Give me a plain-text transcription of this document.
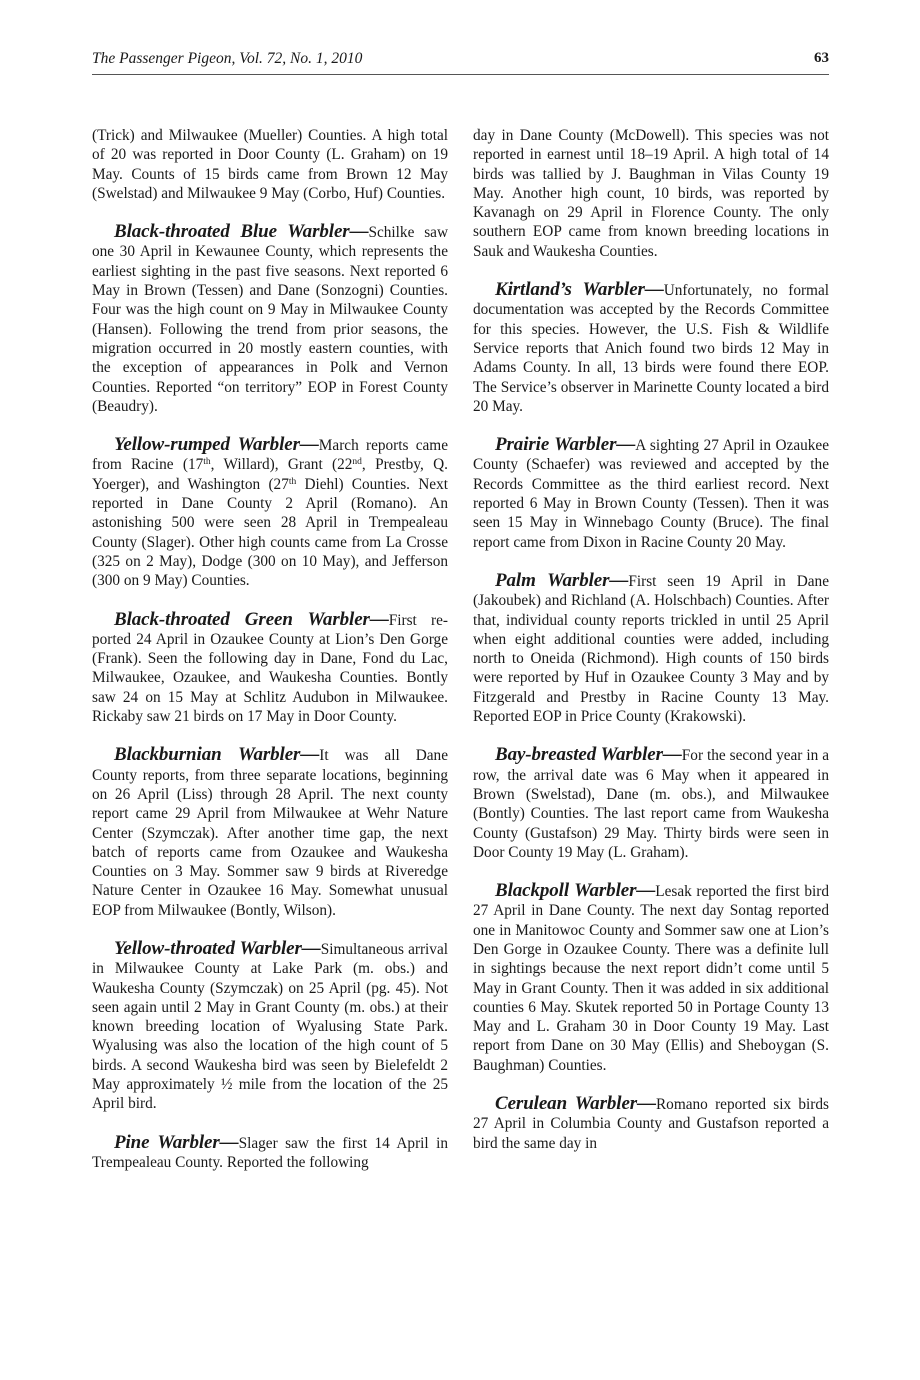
The Passenger Pigeon, Vol. 72, No. 1, 2010	63

(Trick) and Milwaukee (Mueller) Counties. A high total of 20 was reported in Door County (L. Graham) on 19 May. Counts of 15 birds came from Brown 12 May (Swelstad) and Milwaukee 9 May (Corbo, Huf) Counties.

Black-throated Blue Warbler—Schilke saw one 30 April in Kewaunee County, which represents the earliest sighting in the past five seasons. Next reported 6 May in Brown (Tessen) and Dane (Sonzogni) Counties. Four was the high count on 9 May in Milwaukee County (Hansen). Following the trend from prior seasons, the migration occurred in 20 mostly eastern counties, with the exception of appearances in Polk and Vernon Counties. Reported “on territory” EOP in Forest County (Beaudry).

Yellow-rumped Warbler—March reports came from Racine (17th, Willard), Grant (22nd, Prestby, Q. Yoerger), and Washington (27th Diehl) Counties. Next reported in Dane County 2 April (Romano). An astonishing 500 were seen 28 April in Trempealeau County (Slager). Other high counts came from La Crosse (325 on 2 May), Dodge (300 on 10 May), and Jefferson (300 on 9 May) Counties.

Black-throated Green Warbler—First reported 24 April in Ozaukee County at Lion’s Den Gorge (Frank). Seen the following day in Dane, Fond du Lac, Milwaukee, Ozaukee, and Waukesha Counties. Bontly saw 24 on 15 May at Schlitz Audubon in Milwaukee. Rickaby saw 21 birds on 17 May in Door County.

Blackburnian Warbler—It was all Dane County reports, from three separate locations, beginning on 26 April (Liss) through 28 April. The next county report came 29 April from Milwaukee at Wehr Nature Center (Szymczak). After another time gap, the next batch of reports came from Ozaukee and Waukesha Counties on 3 May. Sommer saw 9 birds at Riveredge Nature Center in Ozaukee 16 May. Somewhat unusual EOP from Milwaukee (Bontly, Wilson).

Yellow-throated Warbler—Simultaneous arrival in Milwaukee County at Lake Park (m. obs.) and Waukesha County (Szymczak) on 25 April (pg. 45). Not seen again until 2 May in Grant County (m. obs.) at their known breeding location of Wyalusing State Park. Wyalusing was also the location of the high count of 5 birds. A second Waukesha bird was seen by Bielefeldt 2 May approximately ½ mile from the location of the 25 April bird.

Pine Warbler—Slager saw the first 14 April in Trempealeau County. Reported the following

day in Dane County (McDowell). This species was not reported in earnest until 18–19 April. A high total of 14 birds was tallied by J. Baughman in Vilas County 19 May. Another high count, 10 birds, was reported by Kavanagh on 29 April in Florence County. The only southern EOP came from known breeding locations in Sauk and Waukesha Counties.

Kirtland’s Warbler—Unfortunately, no formal documentation was accepted by the Records Committee for this species. However, the U.S. Fish & Wildlife Service reports that Anich found two birds 12 May in Adams County. In all, 13 birds were found there EOP. The Service’s observer in Marinette County located a bird 20 May.

Prairie Warbler—A sighting 27 April in Ozaukee County (Schaefer) was reviewed and accepted by the Records Committee as the third earliest record. Next reported 6 May in Brown County (Tessen). Then it was seen 15 May in Winnebago County (Bruce). The final report came from Dixon in Racine County 20 May.

Palm Warbler—First seen 19 April in Dane (Jakoubek) and Richland (A. Holschbach) Counties. After that, individual county reports trickled in until 25 April when eight additional counties were added, including north to Oneida (Richmond). High counts of 150 birds were reported by Huf in Ozaukee County 3 May and by Fitzgerald and Prestby in Racine County 13 May. Reported EOP in Price County (Krakowski).

Bay-breasted Warbler—For the second year in a row, the arrival date was 6 May when it appeared in Brown (Swelstad), Dane (m. obs.), and Milwaukee (Bontly) Counties. The last report came from Waukesha County (Gustafson) 29 May. Thirty birds were seen in Door County 19 May (L. Graham).

Blackpoll Warbler—Lesak reported the first bird 27 April in Dane County. The next day Sontag reported one in Manitowoc County and Sommer saw one at Lion’s Den Gorge in Ozaukee County. There was a definite lull in sightings because the next report didn’t come until 5 May in Grant County. Then it was added in six additional counties 6 May. Skutek reported 50 in Portage County 13 May and L. Graham 30 in Door County 19 May. Last report from Dane on 30 May (Ellis) and Sheboygan (S. Baughman) Counties.

Cerulean Warbler—Romano reported six birds 27 April in Columbia County and Gustafson reported a bird the same day in
